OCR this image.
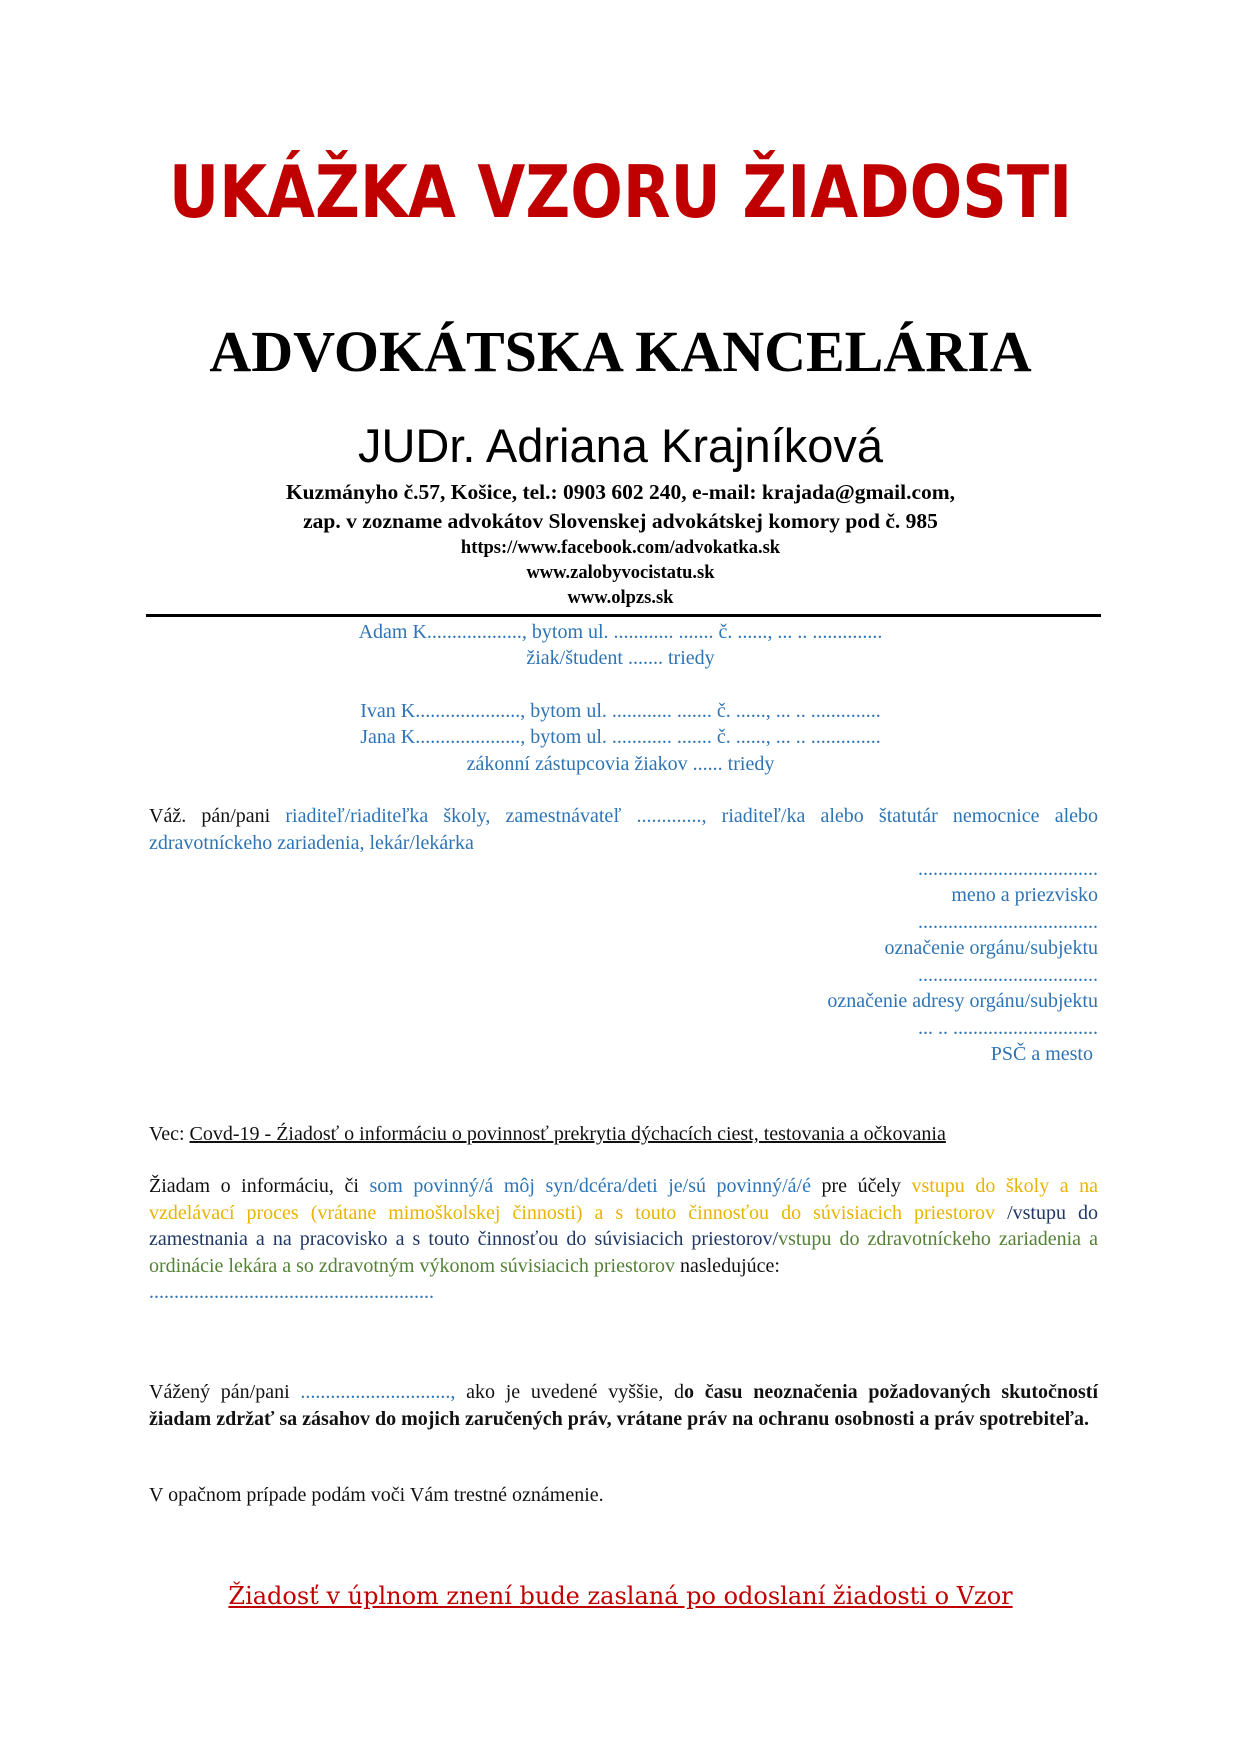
UKÁŽKA VZORU ŽIADOSTI
ADVOKÁTSKA KANCELÁRIA
JUDr. Adriana Krajníková
Kuzmányho č.57, Košice, tel.: 0903 602 240, e-mail: krajada@gmail.com,
zap. v zozname advokátov Slovenskej advokátskej komory pod č. 985
https://www.facebook.com/advokatka.sk
www.zalobyvocistatu.sk
www.olpzs.sk
Adam K..................., bytom ul. ............ ....... č. ......, ... .. ..............
žiak/študent ....... triedy
Ivan K....................., bytom ul. ............ ....... č. ......, ... .. ..............
Jana K....................., bytom ul. ............ ....... č. ......, ... .. ..............
zákonní zástupcovia žiakov ...... triedy
Váž. pán/pani riaditeľ/riaditeľka školy, zamestnávateľ ............., riaditeľ/ka alebo štatutár nemocnice alebo zdravotníckeho zariadenia, lekár/lekárka
....................................
meno a priezvisko
....................................
označenie orgánu/subjektu
....................................
označenie adresy orgánu/subjektu
... .. .............................
PSČ a mesto
Vec: Covd-19 - Źiadosť o informáciu o povinnosť prekrytia dýchacích ciest, testovania a očkovania
Žiadam o informáciu, či som povinný/á môj syn/dcéra/deti je/sú povinný/á/é pre účely vstupu do školy a na vzdelávací proces (vrátane mimoškolskej činnosti) a s touto činnosťou do súvisiacich priestorov /vstupu do zamestnania a na pracovisko a s touto činnosťou do súvisiacich priestorov/vstupu do zdravotníckeho zariadenia a ordinácie lekára a so zdravotným výkonom súvisiacich priestorov nasledujúce:
.........................................................
Vážený pán/pani .............................., ako je uvedené vyššie, do času neoznačenia požadovaných skutočností žiadam zdržať sa zásahov do mojich zaručených práv, vrátane práv na ochranu osobnosti a práv spotrebiteľa.
V opačnom prípade podám voči Vám trestné oznámenie.
Žiadosť v úplnom znení bude zaslaná po odoslaní žiadosti o Vzor
